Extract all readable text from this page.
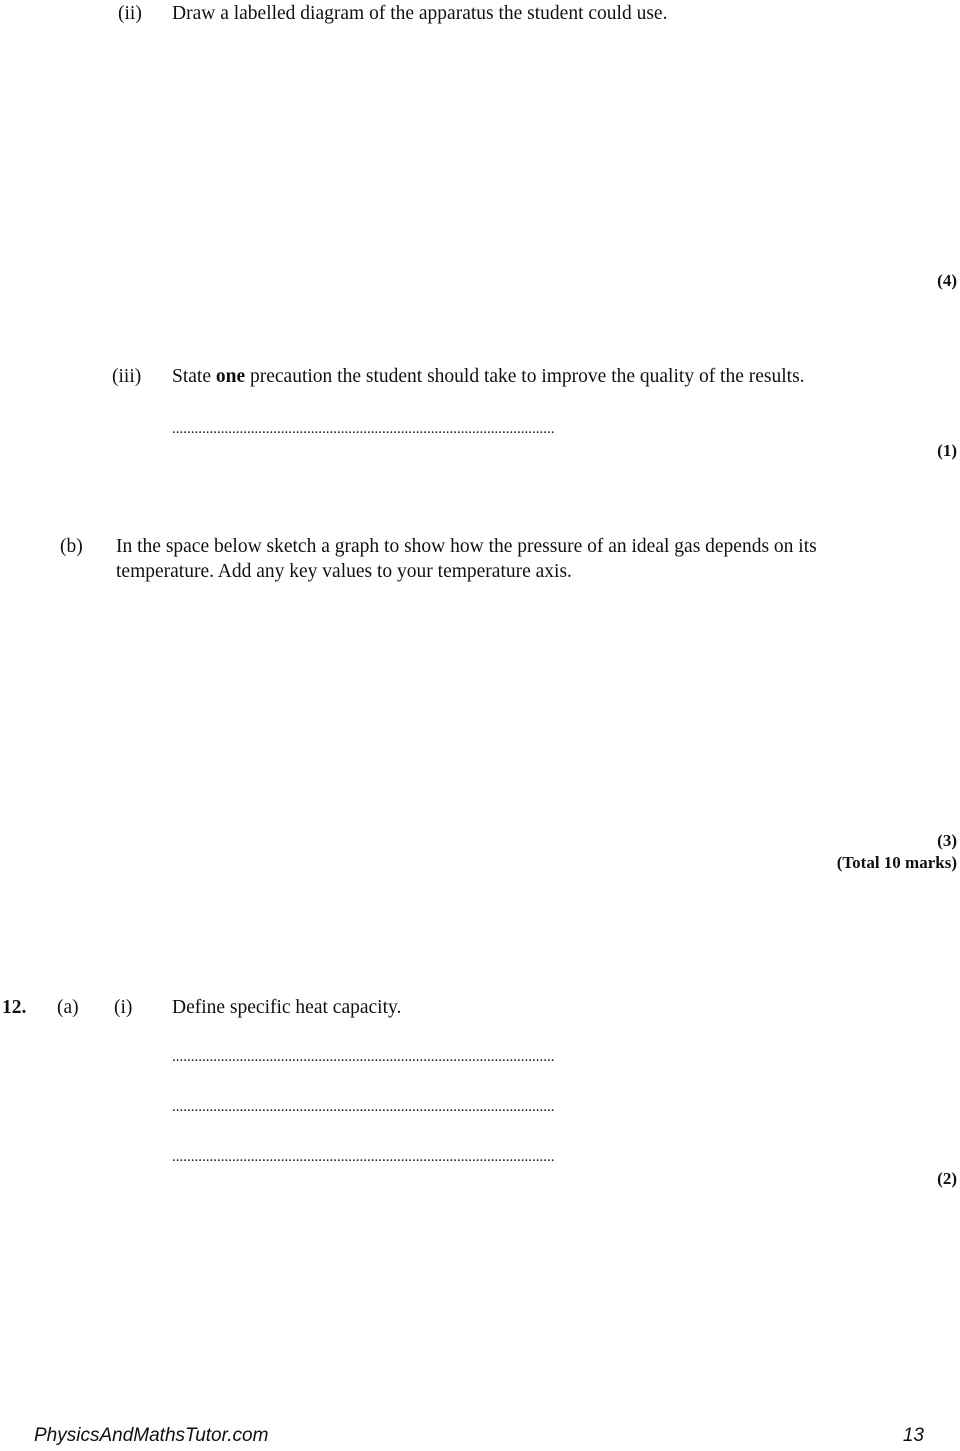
(ii) Draw a labelled diagram of the apparatus the student could use.
(4)
(iii) State one precaution the student should take to improve the quality of the results.
......................................................................................................
(1)
(b) In the space below sketch a graph to show how the pressure of an ideal gas depends on its
temperature. Add any key values to your temperature axis.
(3)
(Total 10 marks)
12. (a) (i) Define specific heat capacity.
......................................................................................................
......................................................................................................
......................................................................................................
(2)
PhysicsAndMathsTutor.com	13
